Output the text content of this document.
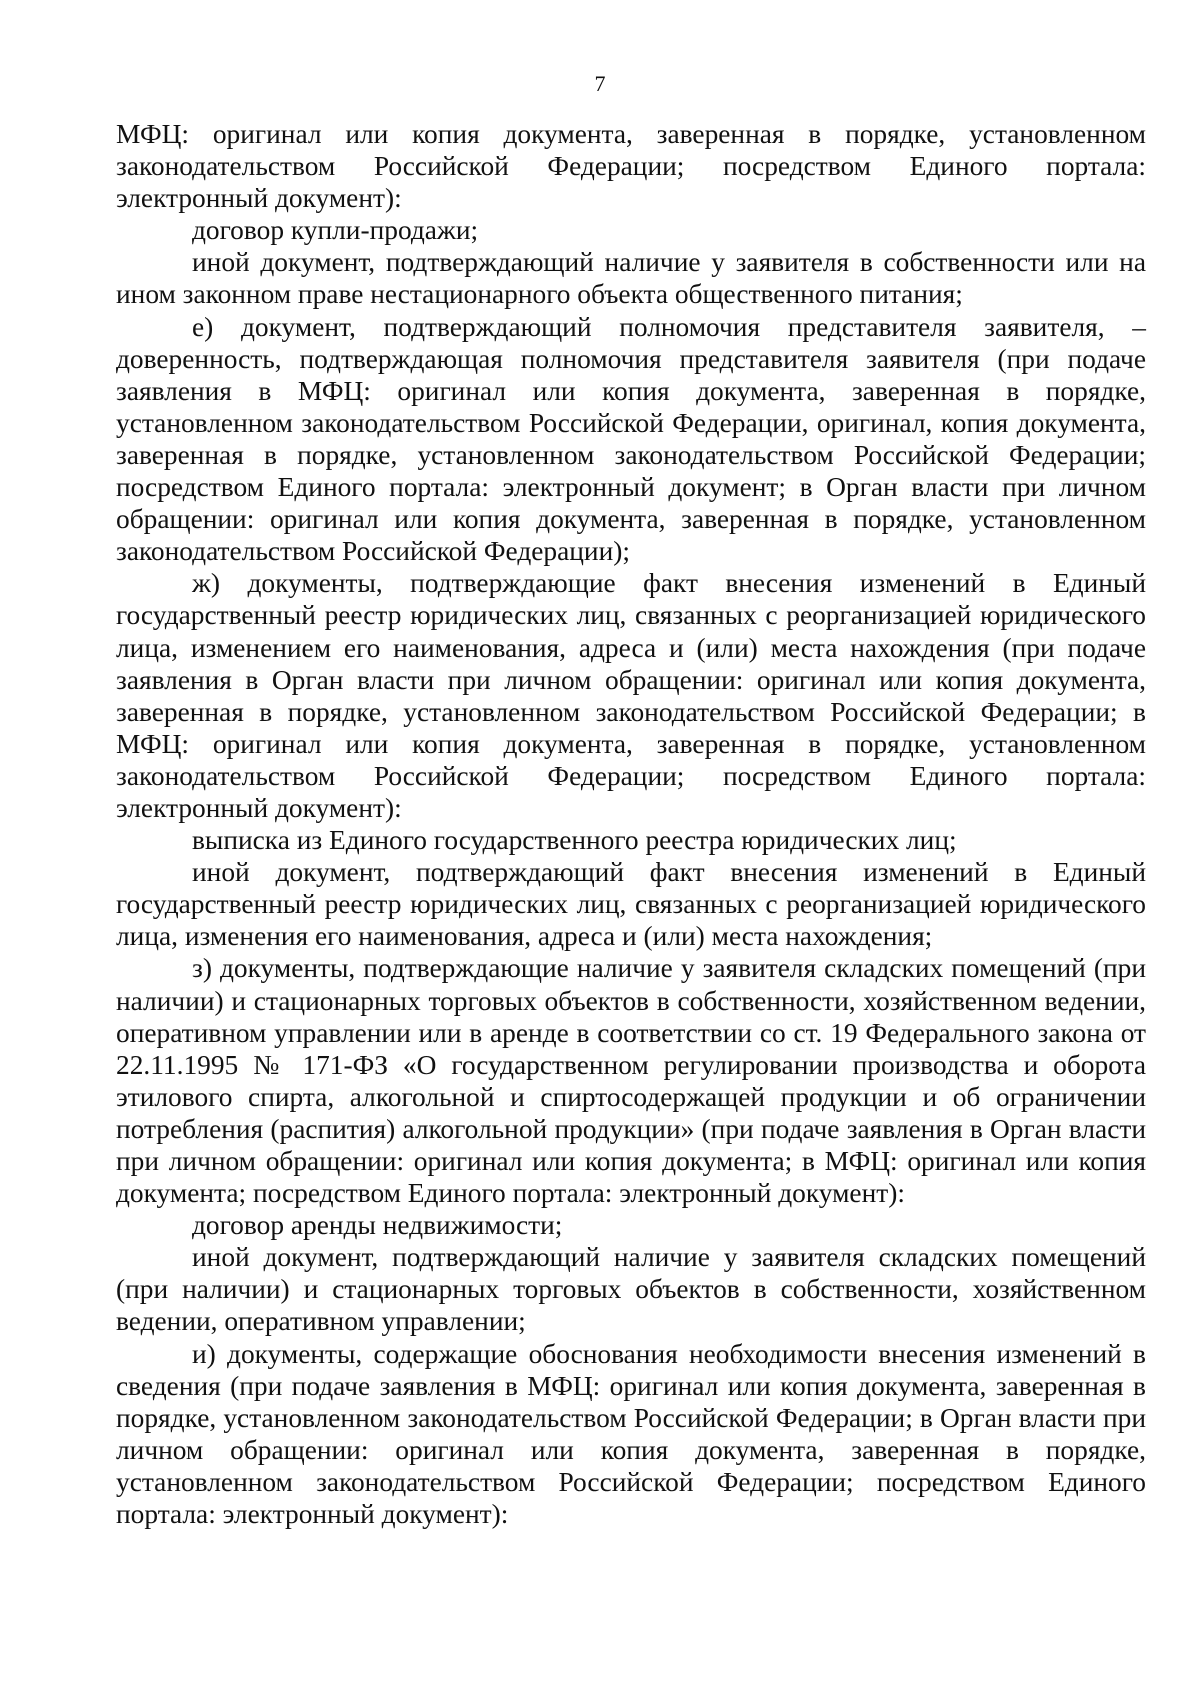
7

МФЦ: оригинал или копия документа, заверенная в порядке, установленном законодательством Российской Федерации; посредством Единого портала: электронный документ):

договор купли-продажи;

иной документ, подтверждающий наличие у заявителя в собственности или на ином законном праве нестационарного объекта общественного питания;

е) документ, подтверждающий полномочия представителя заявителя, – доверенность, подтверждающая полномочия представителя заявителя (при подаче заявления в МФЦ: оригинал или копия документа, заверенная в порядке, установленном законодательством Российской Федерации, оригинал, копия документа, заверенная в порядке, установленном законодательством Российской Федерации; посредством Единого портала: электронный документ; в Орган власти при личном обращении: оригинал или копия документа, заверенная в порядке, установленном законодательством Российской Федерации);

ж) документы, подтверждающие факт внесения изменений в Единый государственный реестр юридических лиц, связанных с реорганизацией юридического лица, изменением его наименования, адреса и (или) места нахождения (при подаче заявления в Орган власти при личном обращении: оригинал или копия документа, заверенная в порядке, установленном законодательством Российской Федерации; в МФЦ: оригинал или копия документа, заверенная в порядке, установленном законодательством Российской Федерации; посредством Единого портала: электронный документ):

выписка из Единого государственного реестра юридических лиц;

иной документ, подтверждающий факт внесения изменений в Единый государственный реестр юридических лиц, связанных с реорганизацией юридического лица, изменения его наименования, адреса и (или) места нахождения;

з) документы, подтверждающие наличие у заявителя складских помещений (при наличии) и стационарных торговых объектов в собственности, хозяйственном ведении, оперативном управлении или в аренде в соответствии со ст. 19 Федерального закона от 22.11.1995 № 171-ФЗ «О государственном регулировании производства и оборота этилового спирта, алкогольной и спиртосодержащей продукции и об ограничении потребления (распития) алкогольной продукции» (при подаче заявления в Орган власти при личном обращении: оригинал или копия документа; в МФЦ: оригинал или копия документа; посредством Единого портала: электронный документ):

договор аренды недвижимости;

иной документ, подтверждающий наличие у заявителя складских помещений (при наличии) и стационарных торговых объектов в собственности, хозяйственном ведении, оперативном управлении;

и) документы, содержащие обоснования необходимости внесения изменений в сведения (при подаче заявления в МФЦ: оригинал или копия документа, заверенная в порядке, установленном законодательством Российской Федерации; в Орган власти при личном обращении: оригинал или копия документа, заверенная в порядке, установленном законодательством Российской Федерации; посредством Единого портала: электронный документ):
